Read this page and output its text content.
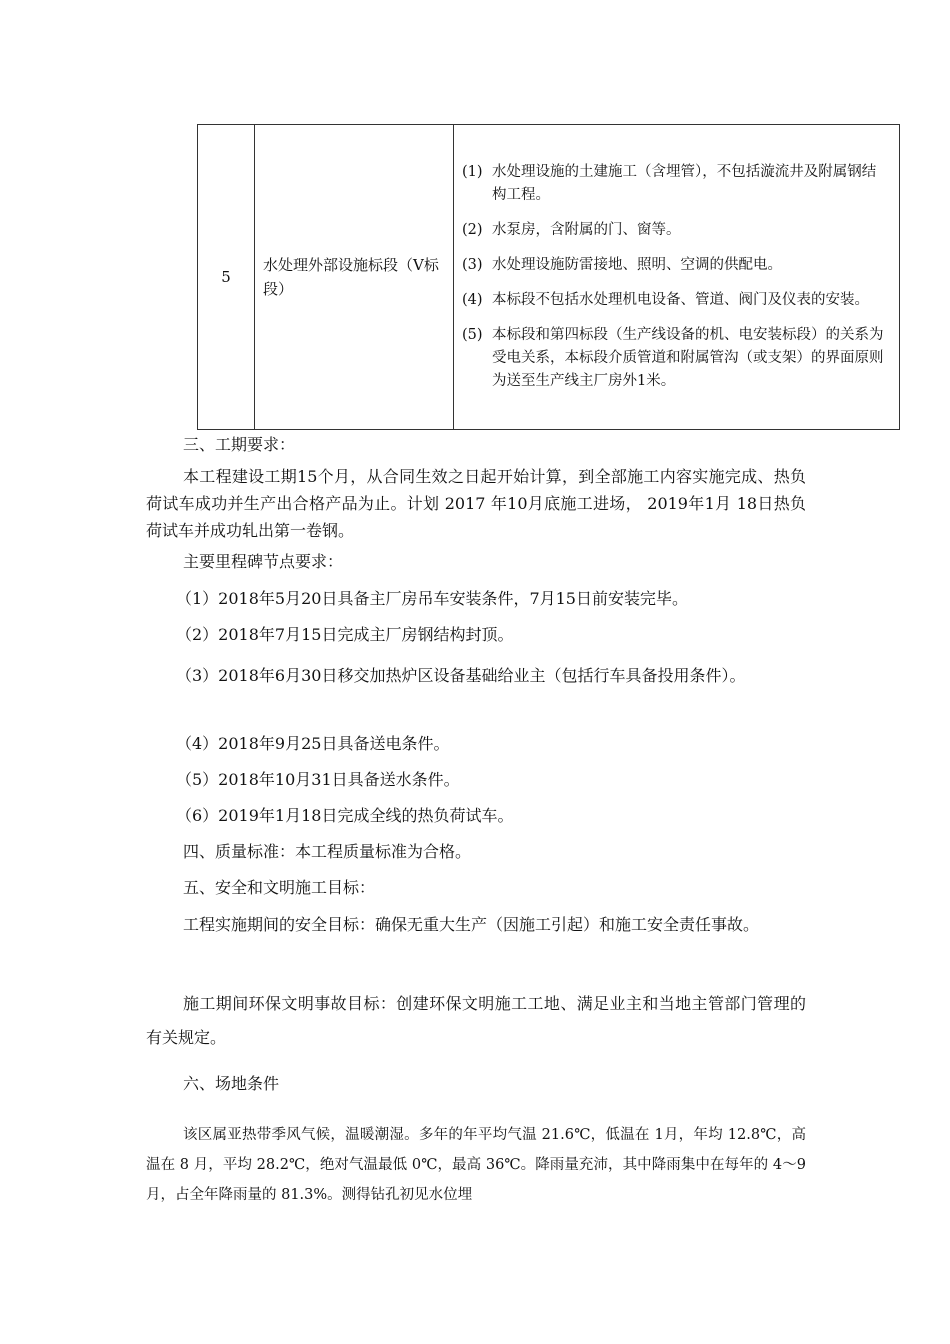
5	水处理外部设施标段（V标段）	
(1) 水处理设施的土建施工（含埋管），不包括漩流井及附属钢结构工程。
(2) 水泵房，含附属的门、窗等。
(3) 水处理设施防雷接地、照明、空调的供配电。
(4) 本标段不包括水处理机电设备、管道、阀门及仪表的安装。
(5) 本标段和第四标段（生产线设备的机、电安装标段）的关系为受电关系，本标段介质管道和附属管沟（或支架）的界面原则为送至生产线主厂房外1米。

三、工期要求：

本工程建设工期15个月，从合同生效之日起开始计算，到全部施工内容实施完成、热负荷试车成功并生产出合格产品为止。计划 2017 年10月底施工进场， 2019年1月 18日热负荷试车并成功轧出第一卷钢。

主要里程碑节点要求：

（1）2018年5月20日具备主厂房吊车安装条件，7月15日前安装完毕。

（2）2018年7月15日完成主厂房钢结构封顶。

（3）2018年6月30日移交加热炉区设备基础给业主（包括行车具备投用条件）。

（4）2018年9月25日具备送电条件。

（5）2018年10月31日具备送水条件。

（6）2019年1月18日完成全线的热负荷试车。

四、质量标准：本工程质量标准为合格。

五、安全和文明施工目标：

工程实施期间的安全目标：确保无重大生产（因施工引起）和施工安全责任事故。

施工期间环保文明事故目标：创建环保文明施工工地、满足业主和当地主管部门管理的有关规定。

六、场地条件

该区属亚热带季风气候，温暖潮湿。多年的年平均气温 21.6℃，低温在 1月，年均 12.8℃，高温在 8 月，平均 28.2℃，绝对气温最低 0℃，最高 36℃。降雨量充沛，其中降雨集中在每年的 4～9 月，占全年降雨量的 81.3%。测得钻孔初见水位埋
